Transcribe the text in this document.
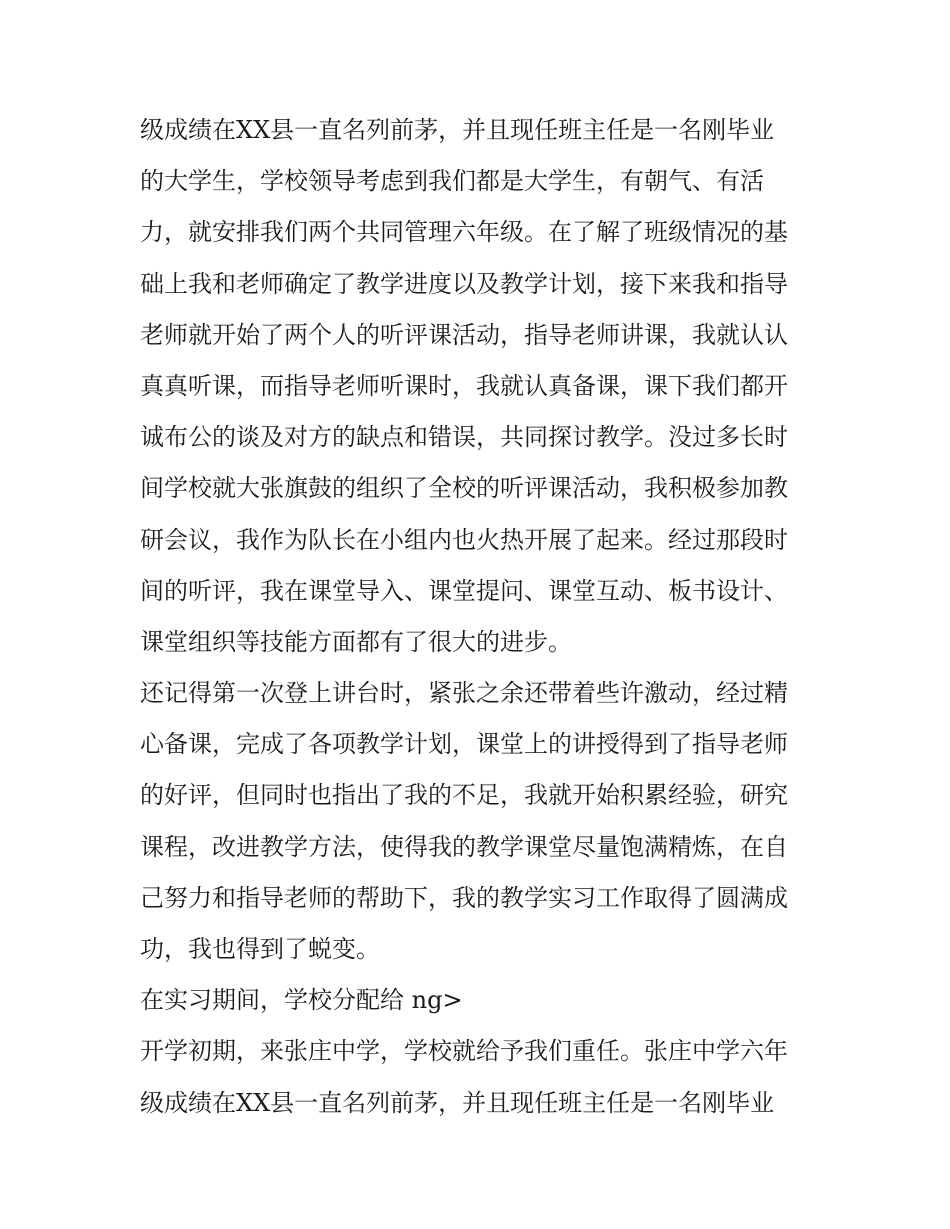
级成绩在XX县一直名列前茅，并且现任班主任是一名刚毕业
的大学生，学校领导考虑到我们都是大学生，有朝气、有活
力，就安排我们两个共同管理六年级。在了解了班级情况的基
础上我和老师确定了教学进度以及教学计划，接下来我和指导
老师就开始了两个人的听评课活动，指导老师讲课，我就认认
真真听课，而指导老师听课时，我就认真备课，课下我们都开
诚布公的谈及对方的缺点和错误，共同探讨教学。没过多长时
间学校就大张旗鼓的组织了全校的听评课活动，我积极参加教
研会议，我作为队长在小组内也火热开展了起来。经过那段时
间的听评，我在课堂导入、课堂提问、课堂互动、板书设计、
课堂组织等技能方面都有了很大的进步。
还记得第一次登上讲台时，紧张之余还带着些许激动，经过精
心备课，完成了各项教学计划，课堂上的讲授得到了指导老师
的好评，但同时也指出了我的不足，我就开始积累经验，研究
课程，改进教学方法，使得我的教学课堂尽量饱满精炼，在自
己努力和指导老师的帮助下，我的教学实习工作取得了圆满成
功，我也得到了蜕变。
在实习期间，学校分配给 ng>
开学初期，来张庄中学，学校就给予我们重任。张庄中学六年
级成绩在XX县一直名列前茅，并且现任班主任是一名刚毕业
